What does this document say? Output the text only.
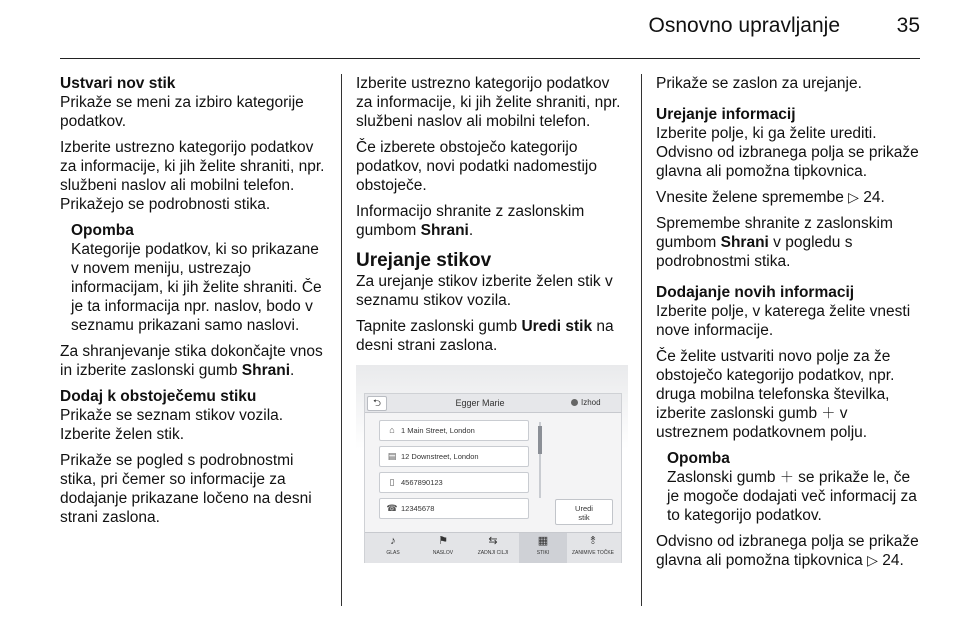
Osnovno upravljanje	35

Ustvari nov stik

Prikaže se meni za izbiro kategorije podatkov.

Izberite ustrezno kategorijo podatkov za informacije, ki jih želite shraniti, npr. službeni naslov ali mobilni telefon. Prikažejo se podrobnosti stika.

Opomba
Kategorije podatkov, ki so prikazane v novem meniju, ustrezajo informacijam, ki jih želite shraniti. Če je ta informacija npr. naslov, bodo v seznamu prikazani samo naslovi.

Za shranjevanje stika dokončajte vnos in izberite zaslonski gumb Shrani.

Dodaj k obstoječemu stiku

Prikaže se seznam stikov vozila. Izberite želen stik.

Prikaže se pogled s podrobnostmi stika, pri čemer so informacije za dodajanje prikazane ločeno na desni strani zaslona.

Izberite ustrezno kategorijo podatkov za informacije, ki jih želite shraniti, npr. službeni naslov ali mobilni telefon.

Če izberete obstoječo kategorijo podatkov, novi podatki nadomestijo obstoječe.

Informacijo shranite z zaslonskim gumbom Shrani.

Urejanje stikov

Za urejanje stikov izberite želen stik v seznamu stikov vozila.

Tapnite zaslonski gumb Uredi stik na desni strani zaslona.

⮌	Egger Marie	Izhod
⌂ 1 Main Street, London
▤ 12 Downstreet, London
▯ 4567890123
☎ 12345678	Uredi
stik
♪
GLAS
⚑
NASLOV
⇆
ZADNJI CILJI
▦
STIKI
⥉
ZANIMIVE TOČKE

Prikaže se zaslon za urejanje.

Urejanje informacij

Izberite polje, ki ga želite urediti. Odvisno od izbranega polja se prikaže glavna ali pomožna tipkovnica.

Vnesite želene spremembe ▷ 24.

Spremembe shranite z zaslonskim gumbom Shrani v pogledu s podrobnostmi stika.

Dodajanje novih informacij

Izberite polje, v katerega želite vnesti nove informacije.

Če želite ustvariti novo polje za že obstoječo kategorijo podatkov, npr. druga mobilna telefonska številka, izberite zaslonski gumb ＋ v ustreznem podatkovnem polju.

Opomba
Zaslonski gumb ＋ se prikaže le, če je mogoče dodajati več informacij za to kategorijo podatkov.

Odvisno od izbranega polja se prikaže glavna ali pomožna tipkovnica ▷ 24.
